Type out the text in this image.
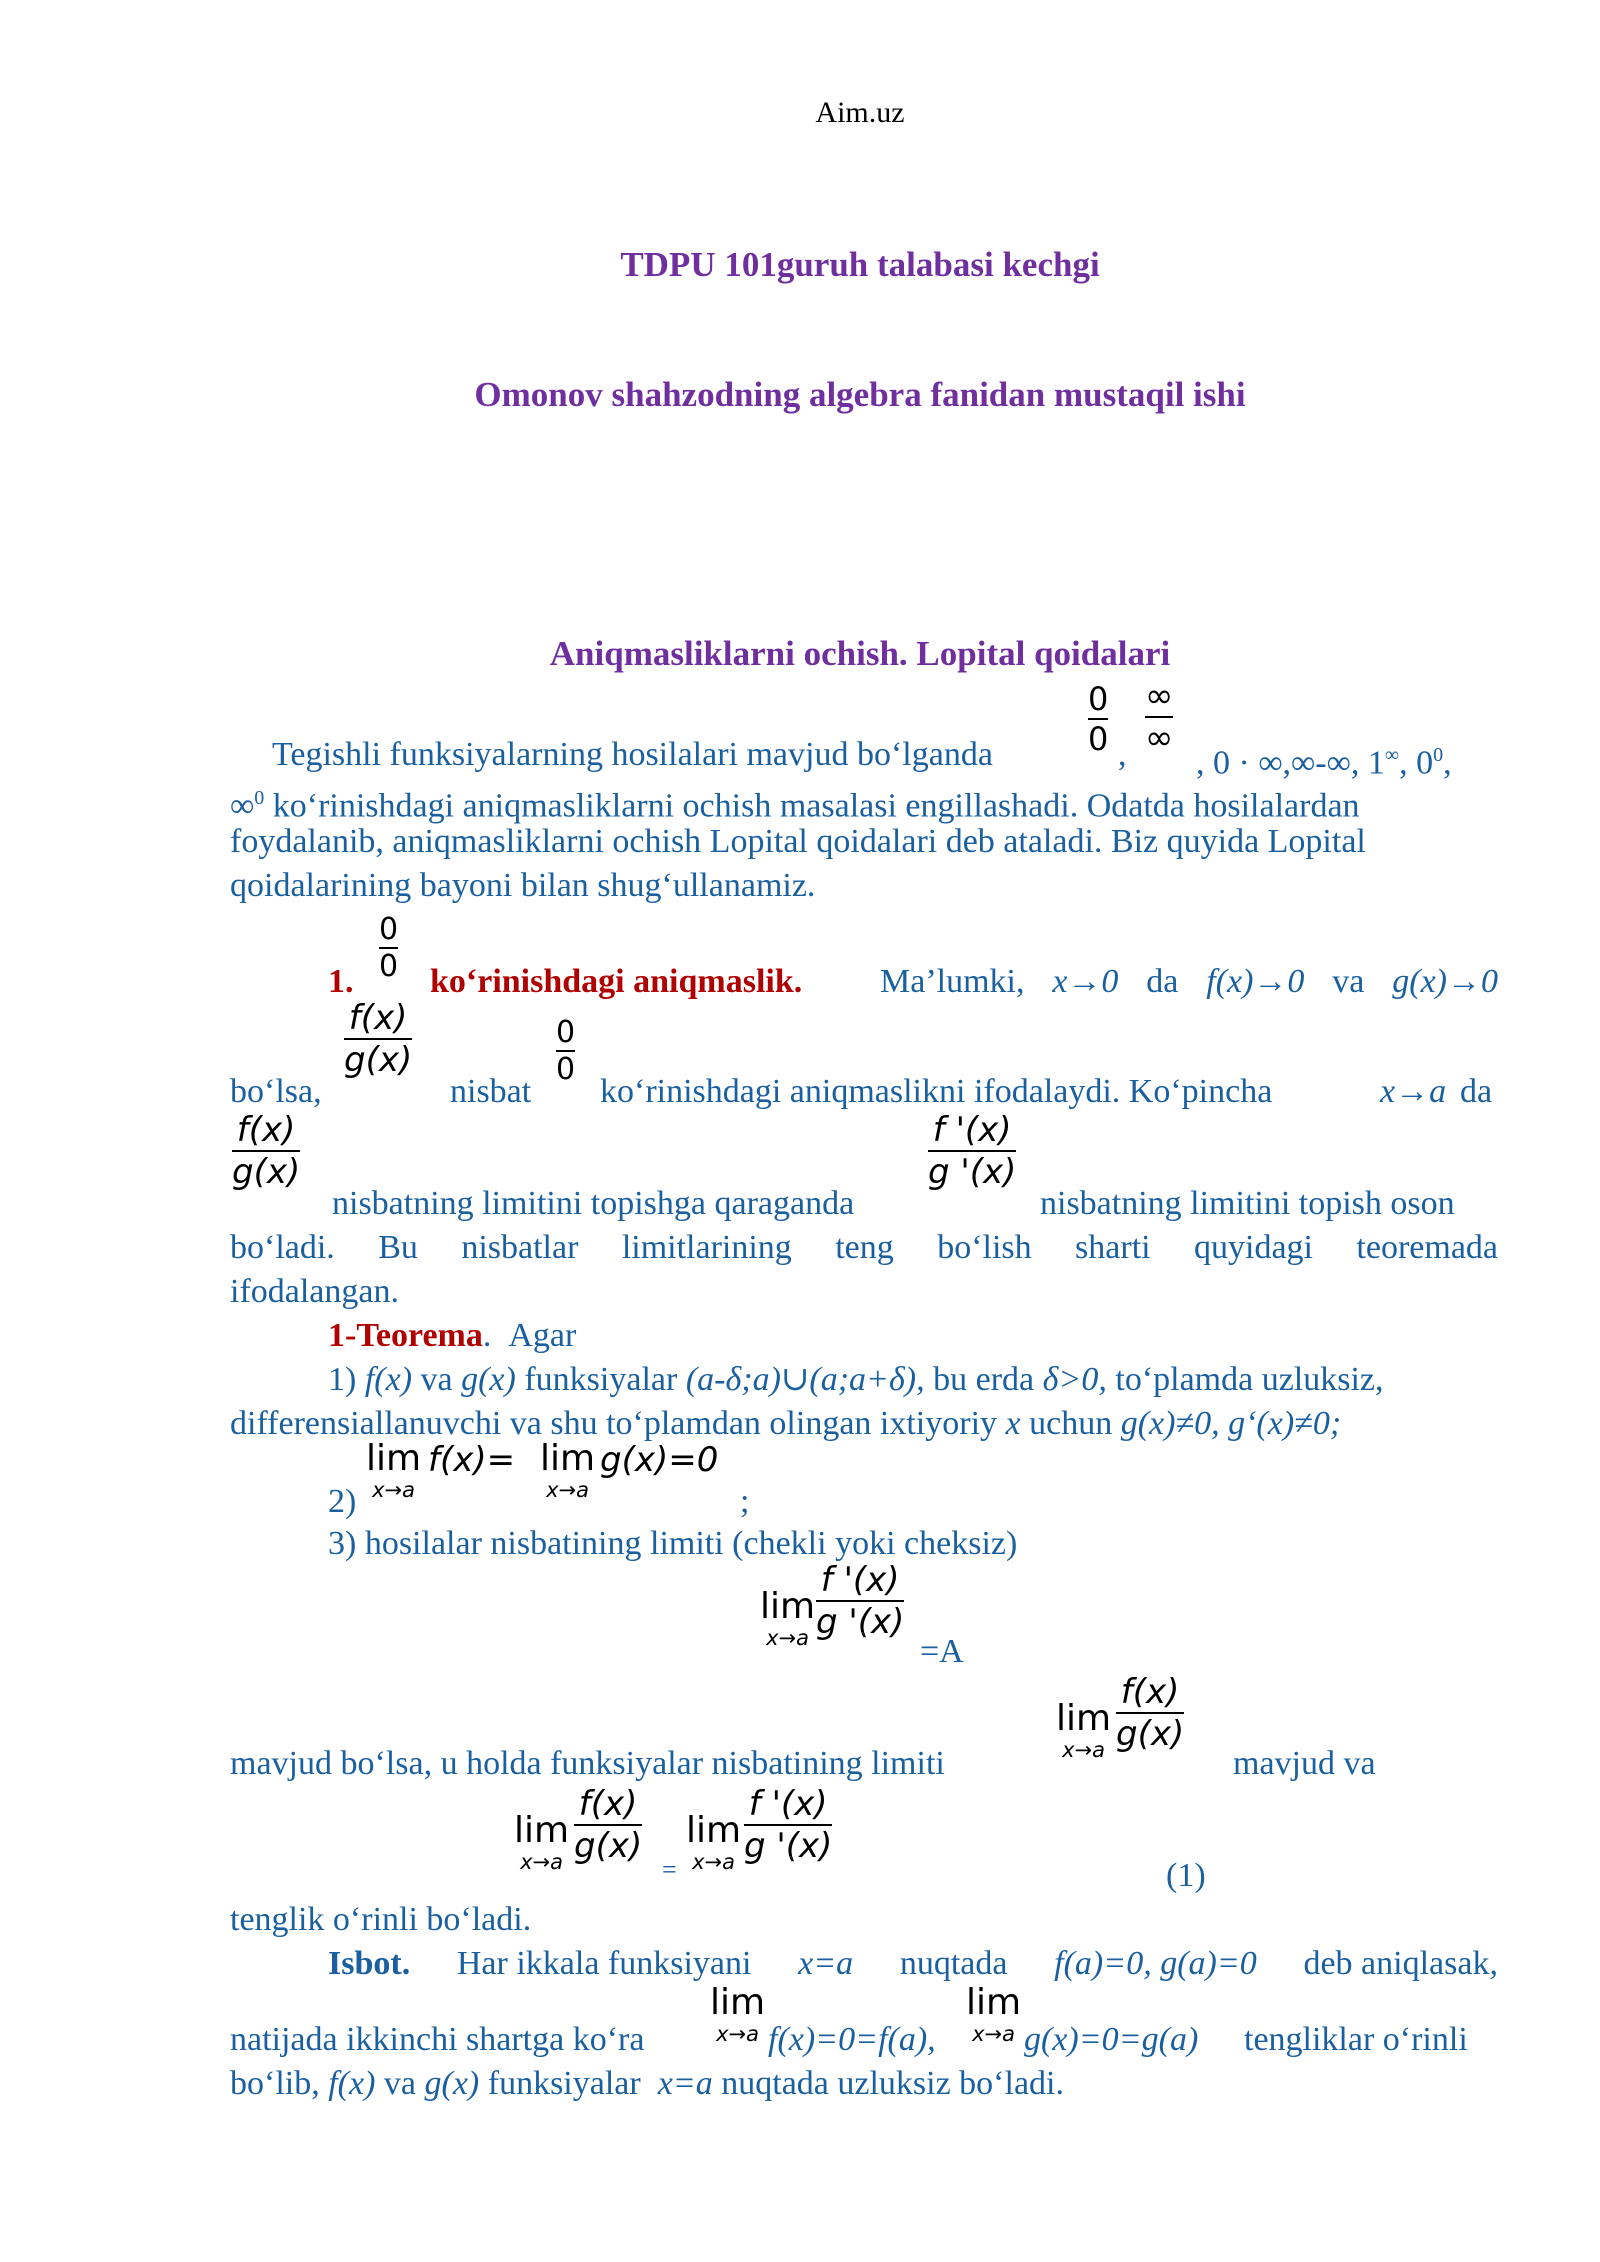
Aim.uz
TDPU 101guruh talabasi kechgi
Omonov shahzodning algebra fanidan mustaqil ishi
Aniqmasliklarni ochish. Lopital qoidalari
Tegishli funksiyalarning hosilalari mavjud bo‘lganda
0
0 ,
∞
∞
, 0 · ∞,∞-∞, 1∞, $0^0$,
∞$^0$ ko‘rinishdagi aniqmasliklarni ochish masalasi engillashadi. Odatda hosilalardan
foydalanib, aniqmasliklarni ochish Lopital qoidalari deb ataladi. Biz quyida Lopital
qoidalarining bayoni bilan shug‘ullanamiz.
0
0
1. ko‘rinishdagi aniqmaslik. Ma’lumki, x→0 da f(x)→0 va g(x)→0
f(x)
g(x)
0
0
bo‘lsa,	nisbat ko‘rinishdagi aniqmaslikni ifodalaydi. Ko‘pincha	x→a da
f(x)
g(x)
f '(x)
g '(x)
nisbatning limitini topishga qaraganda	nisbatning limitini topish oson
bo‘ladi. Bu nisbatlar limitlarining teng bo‘lish sharti quyidagi teoremada
ifodalangan.
1-Teorema. Agar
1) f(x) va g(x) funksiyalar (a-δ;a)∪(a;a+δ), bu erda δ>0, to‘plamda uzluksiz,
differensiallanuvchi va shu to‘plamdan olingan ixtiyoriy x uchun g(x)≠0, g‘(x)≠0;
lim
x→a
f(x)= lim
x→a
g(x)=0
2)	;
3) hosilalar nisbatining limiti (chekli yoki cheksiz)
lim
x→a
f '(x)
g '(x)
=A
lim
x→a
f(x)
g(x)
mavjud bo‘lsa, u holda funksiyalar nisbatining limiti	mavjud va
lim
x→a
f(x)
g(x)
=
lim
x→a
f '(x)
g '(x)
(1)
tenglik o‘rinli bo‘ladi.
Isbot. Har ikkala funksiyani x=a nuqtada f(a)=0, g(a)=0 deb aniqlasak,
lim
x→a
lim
x→a
natijada ikkinchi shartga ko‘ra	f(x)=0=f(a),	g(x)=0=g(a) tengliklar o‘rinli
bo‘lib, f(x) va g(x) funksiyalar x=a nuqtada uzluksiz bo‘ladi.
